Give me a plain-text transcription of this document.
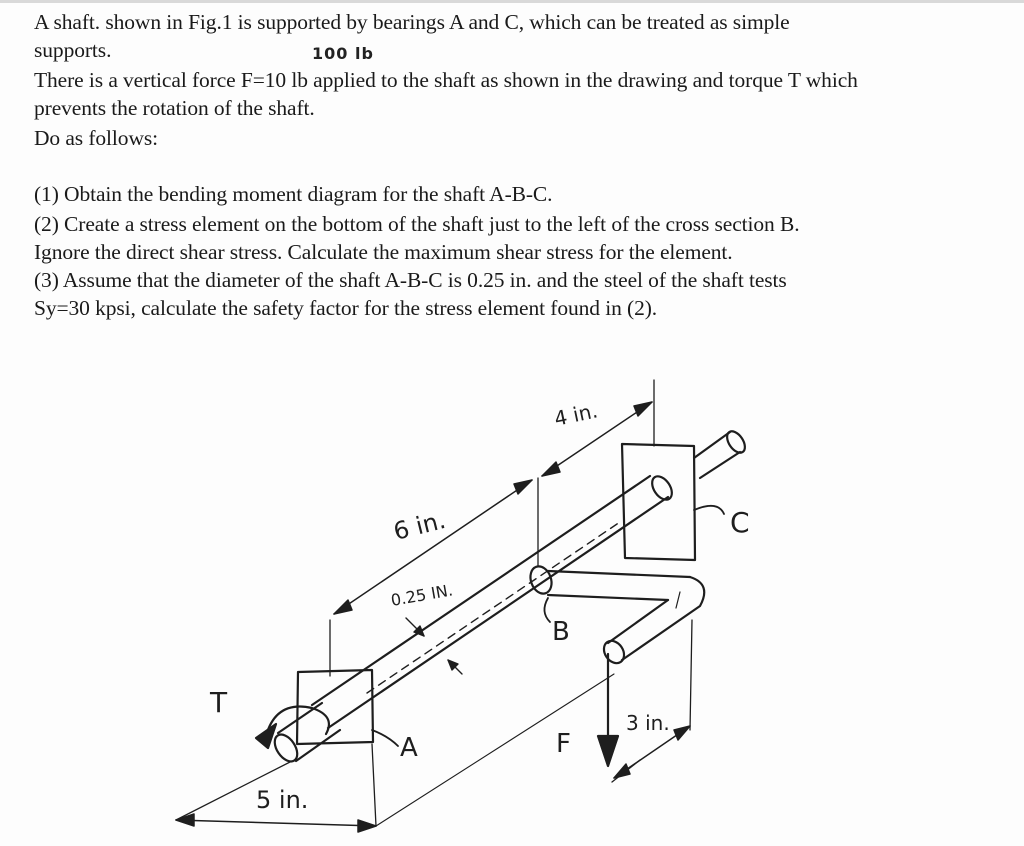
A shaft. shown in Fig.1 is supported by bearings A and C, which can be treated as simple
supports.	100 lb
There is a vertical force F=10 lb applied to the shaft as shown in the drawing and torque T which
prevents the rotation of the shaft.
Do as follows:
(1) Obtain the bending moment diagram for the shaft A-B-C.
(2) Create a stress element on the bottom of the shaft just to the left of the cross section B.
Ignore the direct shear stress. Calculate the maximum shear stress for the element.
(3) Assume that the diameter of the shaft A-B-C is 0.25 in. and the steel of the shaft tests
Sy=30 kpsi, calculate the safety factor for the stress element found in (2).
T
A
B
C
F
6 in.
4 in.
5 in.
3 in.
0.25 IN.
